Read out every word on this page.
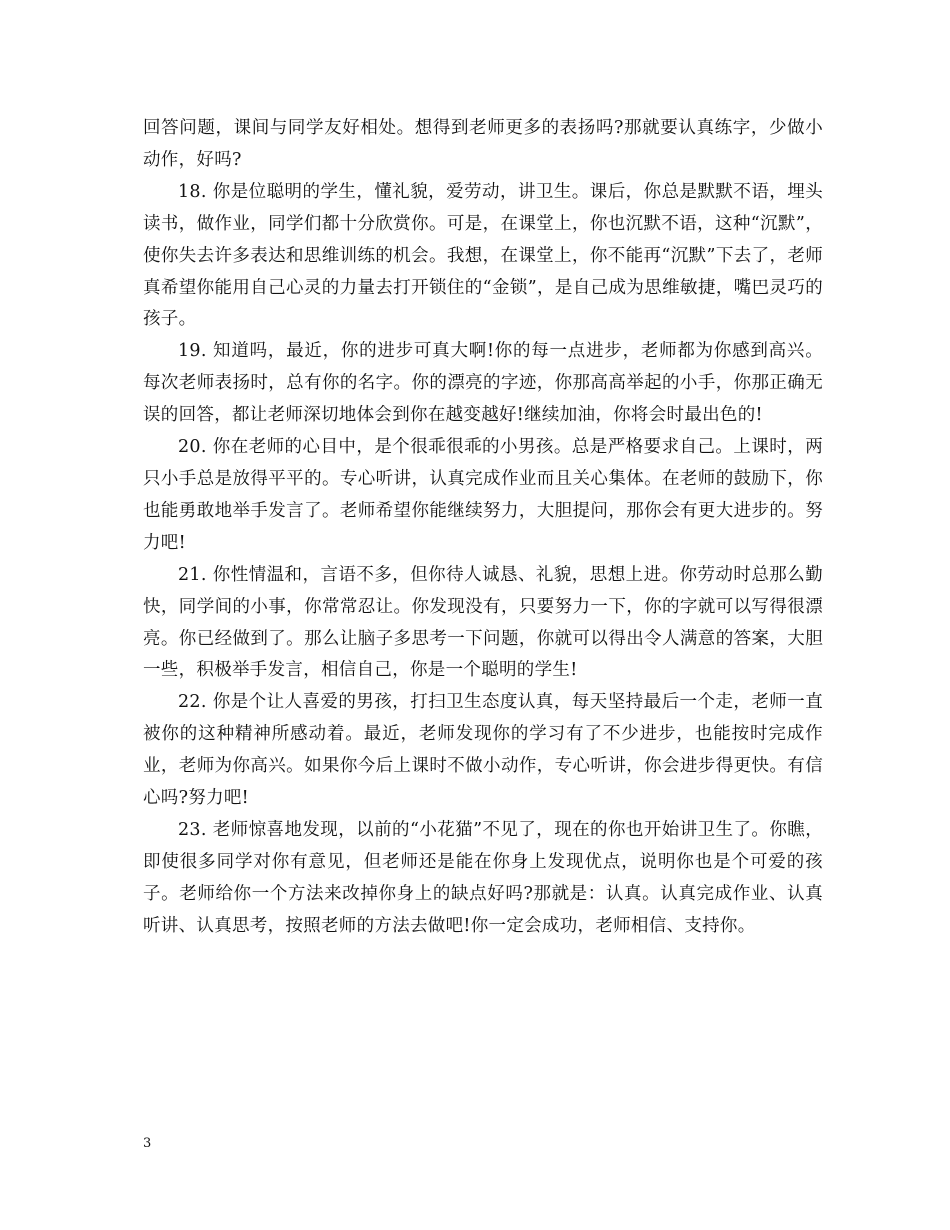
回答问题，课间与同学友好相处。想得到老师更多的表扬吗?那就要认真练字，少做小动作，好吗?

18. 你是位聪明的学生，懂礼貌，爱劳动，讲卫生。课后，你总是默默不语，埋头读书，做作业，同学们都十分欣赏你。可是，在课堂上，你也沉默不语，这种“沉默”，使你失去许多表达和思维训练的机会。我想，在课堂上，你不能再“沉默”下去了，老师真希望你能用自己心灵的力量去打开锁住的“金锁”，是自己成为思维敏捷，嘴巴灵巧的孩子。

19. 知道吗，最近，你的进步可真大啊!你的每一点进步，老师都为你感到高兴。每次老师表扬时，总有你的名字。你的漂亮的字迹，你那高高举起的小手，你那正确无误的回答，都让老师深切地体会到你在越变越好!继续加油，你将会时最出色的!

20. 你在老师的心目中，是个很乖很乖的小男孩。总是严格要求自己。上课时，两只小手总是放得平平的。专心听讲，认真完成作业而且关心集体。在老师的鼓励下，你也能勇敢地举手发言了。老师希望你能继续努力，大胆提问，那你会有更大进步的。努力吧!

21. 你性情温和，言语不多，但你待人诚恳、礼貌，思想上进。你劳动时总那么勤快，同学间的小事，你常常忍让。你发现没有，只要努力一下，你的字就可以写得很漂亮。你已经做到了。那么让脑子多思考一下问题，你就可以得出令人满意的答案，大胆一些，积极举手发言，相信自己，你是一个聪明的学生!

22. 你是个让人喜爱的男孩，打扫卫生态度认真，每天坚持最后一个走，老师一直被你的这种精神所感动着。最近，老师发现你的学习有了不少进步，也能按时完成作业，老师为你高兴。如果你今后上课时不做小动作，专心听讲，你会进步得更快。有信心吗?努力吧!

23. 老师惊喜地发现，以前的“小花猫”不见了，现在的你也开始讲卫生了。你瞧，即使很多同学对你有意见，但老师还是能在你身上发现优点，说明你也是个可爱的孩子。老师给你一个方法来改掉你身上的缺点好吗?那就是：认真。认真完成作业、认真听讲、认真思考，按照老师的方法去做吧!你一定会成功，老师相信、支持你。

3
